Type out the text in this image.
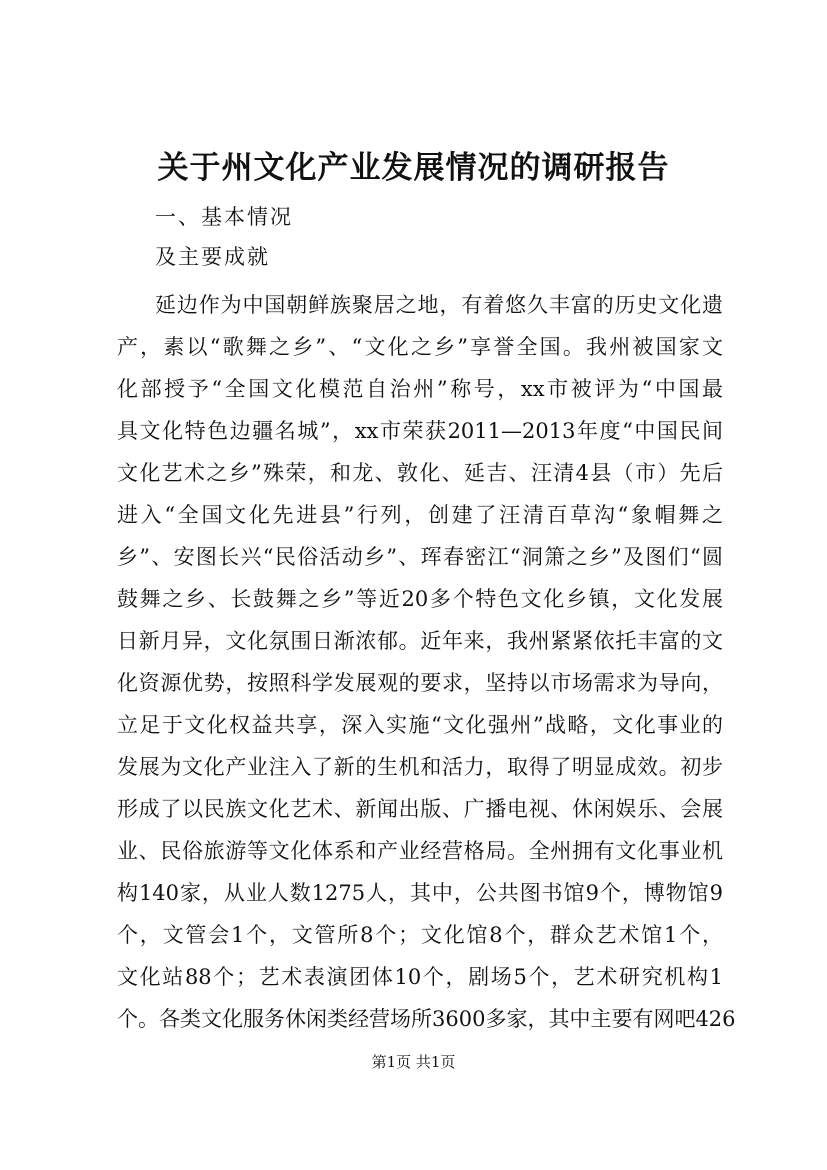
关于州文化产业发展情况的调研报告
一、基本情况
及主要成就
延边作为中国朝鲜族聚居之地，有着悠久丰富的历史文化遗
产，素以“歌舞之乡”、“文化之乡”享誉全国。我州被国家文
化部授予“全国文化模范自治州”称号，xx市被评为“中国最
具文化特色边疆名城”，xx市荣获2011—2013年度“中国民间
文化艺术之乡”殊荣，和龙、敦化、延吉、汪清4县（市）先后
进入“全国文化先进县”行列，创建了汪清百草沟“象帽舞之
乡”、安图长兴“民俗活动乡”、珲春密江“洞箫之乡”及图们“圆
鼓舞之乡、长鼓舞之乡”等近20多个特色文化乡镇，文化发展
日新月异，文化氛围日渐浓郁。近年来，我州紧紧依托丰富的文
化资源优势，按照科学发展观的要求，坚持以市场需求为导向，
立足于文化权益共享，深入实施“文化强州”战略，文化事业的
发展为文化产业注入了新的生机和活力，取得了明显成效。初步
形成了以民族文化艺术、新闻出版、广播电视、休闲娱乐、会展
业、民俗旅游等文化体系和产业经营格局。全州拥有文化事业机
构140家，从业人数1275人，其中，公共图书馆9个，博物馆9
个，文管会1个，文管所8个；文化馆8个，群众艺术馆1个，
文化站88个；艺术表演团体10个，剧场5个，艺术研究机构1
个。各类文化服务休闲类经营场所3600多家，其中主要有网吧426
第1页 共1页
